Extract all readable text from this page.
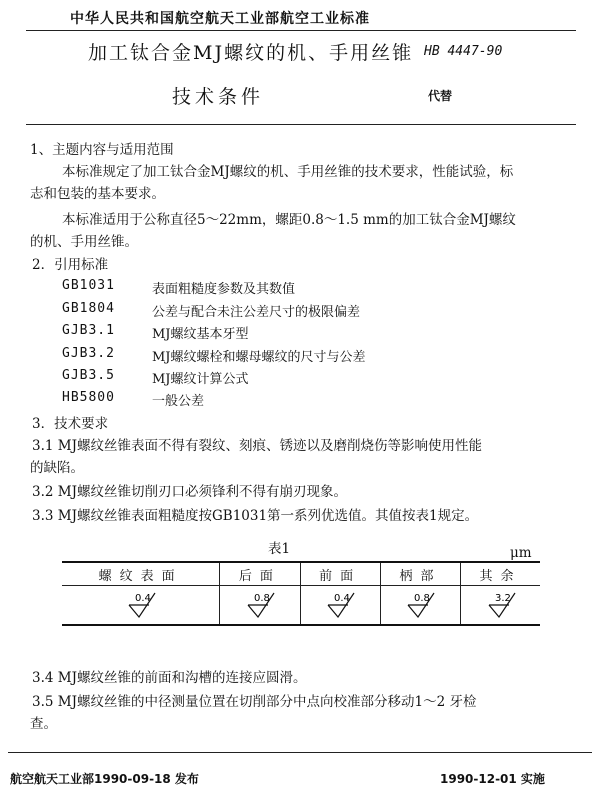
中华人民共和国航空航天工业部航空工业标准
加工钛合金MJ螺纹的机、手用丝锥
技术条件
HB 4447-90
代替
1、主题内容与适用范围
本标准规定了加工钛合金MJ螺纹的机、手用丝锥的技术要求，性能试验，标
志和包装的基本要求。
本标准适用于公称直径5～22mm，螺距0.8～1.5 mm的加工钛合金MJ螺纹
的机、手用丝锥。
2．引用标准
GB1031	表面粗糙度参数及其数值
GB1804	公差与配合未注公差尺寸的极限偏差
GJB3.1	MJ螺纹基本牙型
GJB3.2	MJ螺纹螺栓和螺母螺纹的尺寸与公差
GJB3.5	MJ螺纹计算公式
HB5800	一般公差
3．技术要求
3.1 MJ螺纹丝锥表面不得有裂纹、刻痕、锈迹以及磨削烧伤等影响使用性能
的缺陷。
3.2 MJ螺纹丝锥切削刃口必须锋利不得有崩刃现象。
3.3 MJ螺纹丝锥表面粗糙度按GB1031第一系列优选值。其值按表1规定。
表1	μm
螺纹表面	后面	前面	柄部	其余

0.4	0.8	0.4	0.8	3.2
3.4 MJ螺纹丝锥的前面和沟槽的连接应圆滑。
3.5 MJ螺纹丝锥的中径测量位置在切削部分中点向校准部分移动1～2 牙检
查。
航空航天工业部1990-09-18 发布	1990-12-01 实施
